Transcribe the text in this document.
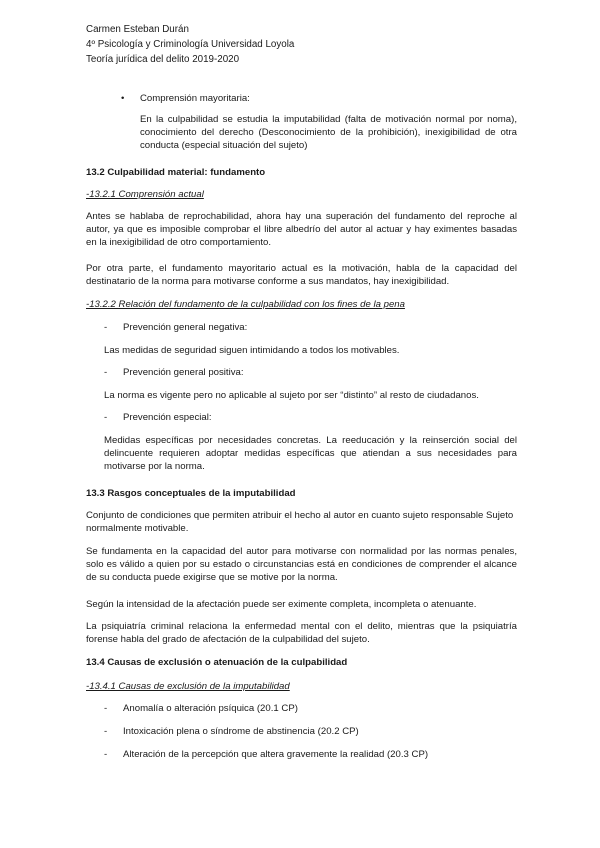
Carmen Esteban Durán
4º Psicología y Criminología Universidad Loyola
Teoría jurídica del delito 2019-2020
• Comprensión mayoritaria:
En la culpabilidad se estudia la imputabilidad (falta de motivación normal por noma), conocimiento del derecho (Desconocimiento de la prohibición), inexigibilidad de otra conducta (especial situación del sujeto)
13.2 Culpabilidad material: fundamento
-13.2.1 Comprensión actual
Antes se hablaba de reprochabilidad, ahora hay una superación del fundamento del reproche al autor, ya que es imposible comprobar el libre albedrío del autor al actuar y hay eximentes basadas en la inexigibilidad de otro comportamiento.
Por otra parte, el fundamento mayoritario actual es la motivación, habla de la capacidad del destinatario de la norma para motivarse conforme a sus mandatos, hay inexigibilidad.
-13.2.2 Relación del fundamento de la culpabilidad con los fines de la pena
- Prevención general negativa:
Las medidas de seguridad siguen intimidando a todos los motivables.
- Prevención general positiva:
La norma es vigente pero no aplicable al sujeto por ser “distinto” al resto de ciudadanos.
- Prevención especial:
Medidas específicas por necesidades concretas. La reeducación y la reinserción social del delincuente requieren adoptar medidas específicas que atiendan a sus necesidades para motivarse por la norma.
13.3 Rasgos conceptuales de la imputabilidad
Conjunto de condiciones que permiten atribuir el hecho al autor en cuanto sujeto responsable Sujeto normalmente motivable.
Se fundamenta en la capacidad del autor para motivarse con normalidad por las normas penales, solo es válido a quien por su estado o circunstancias está en condiciones de comprender el alcance de su conducta puede exigirse que se motive por la norma.
Según la intensidad de la afectación puede ser eximente completa, incompleta o atenuante.
La psiquiatría criminal relaciona la enfermedad mental con el delito, mientras que la psiquiatría forense habla del grado de afectación de la culpabilidad del sujeto.
13.4 Causas de exclusión o atenuación de la culpabilidad
-13.4.1 Causas de exclusión de la imputabilidad
- Anomalía o alteración psíquica (20.1 CP)
- Intoxicación plena o síndrome de abstinencia (20.2 CP)
- Alteración de la percepción que altera gravemente la realidad (20.3 CP)
